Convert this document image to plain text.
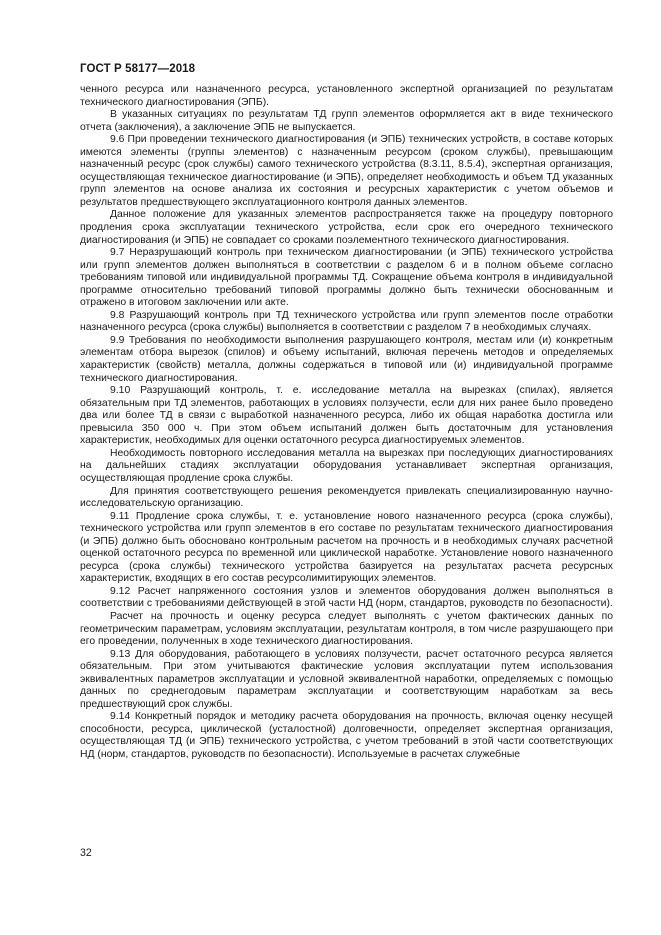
ГОСТ Р 58177—2018

ченного ресурса или назначенного ресурса, установленного экспертной организацией по результатам технического диагностирования (ЭПБ).

В указанных ситуациях по результатам ТД групп элементов оформляется акт в виде технического отчета (заключения), а заключение ЭПБ не выпускается.

9.6 При проведении технического диагностирования (и ЭПБ) технических устройств, в составе которых имеются элементы (группы элементов) с назначенным ресурсом (сроком службы), превышающим назначенный ресурс (срок службы) самого технического устройства (8.3.11, 8.5.4), экспертная организация, осуществляющая техническое диагностирование (и ЭПБ), определяет необходимость и объем ТД указанных групп элементов на основе анализа их состояния и ресурсных характеристик с учетом объемов и результатов предшествующего эксплуатационного контроля данных элементов.

Данное положение для указанных элементов распространяется также на процедуру повторного продления срока эксплуатации технического устройства, если срок его очередного технического диагностирования (и ЭПБ) не совпадает со сроками поэлементного технического диагностирования.

9.7 Неразрушающий контроль при техническом диагностировании (и ЭПБ) технического устройства или групп элементов должен выполняться в соответствии с разделом 6 и в полном объеме согласно требованиям типовой или индивидуальной программы ТД. Сокращение объема контроля в индивидуальной программе относительно требований типовой программы должно быть технически обоснованным и отражено в итоговом заключении или акте.

9.8 Разрушающий контроль при ТД технического устройства или групп элементов после отработки назначенного ресурса (срока службы) выполняется в соответствии с разделом 7 в необходимых случаях.

9.9 Требования по необходимости выполнения разрушающего контроля, местам или (и) конкретным элементам отбора вырезок (спилов) и объему испытаний, включая перечень методов и определяемых характеристик (свойств) металла, должны содержаться в типовой или (и) индивидуальной программе технического диагностирования.

9.10 Разрушающий контроль, т. е. исследование металла на вырезках (спилах), является обязательным при ТД элементов, работающих в условиях ползучести, если для них ранее было проведено два или более ТД в связи с выработкой назначенного ресурса, либо их общая наработка достигла или превысила 350 000 ч. При этом объем испытаний должен быть достаточным для установления характеристик, необходимых для оценки остаточного ресурса диагностируемых элементов.

Необходимость повторного исследования металла на вырезках при последующих диагностированиях на дальнейших стадиях эксплуатации оборудования устанавливает экспертная организация, осуществляющая продление срока службы.

Для принятия соответствующего решения рекомендуется привлекать специализированную научно-исследовательскую организацию.

9.11 Продление срока службы, т. е. установление нового назначенного ресурса (срока службы), технического устройства или групп элементов в его составе по результатам технического диагностирования (и ЭПБ) должно быть обосновано контрольным расчетом на прочность и в необходимых случаях расчетной оценкой остаточного ресурса по временной или циклической наработке. Установление нового назначенного ресурса (срока службы) технического устройства базируется на результатах расчета ресурсных характеристик, входящих в его состав ресурсолимитирующих элементов.

9.12 Расчет напряженного состояния узлов и элементов оборудования должен выполняться в соответствии с требованиями действующей в этой части НД (норм, стандартов, руководств по безопасности).

Расчет на прочность и оценку ресурса следует выполнять с учетом фактических данных по геометрическим параметрам, условиям эксплуатации, результатам контроля, в том числе разрушающего при его проведении, полученных в ходе технического диагностирования.

9.13 Для оборудования, работающего в условиях ползучести, расчет остаточного ресурса является обязательным. При этом учитываются фактические условия эксплуатации путем использования эквивалентных параметров эксплуатации и условной эквивалентной наработки, определяемых с помощью данных по среднегодовым параметрам эксплуатации и соответствующим наработкам за весь предшествующий срок службы.

9.14 Конкретный порядок и методику расчета оборудования на прочность, включая оценку несущей способности, ресурса, циклической (усталостной) долговечности, определяет экспертная организация, осуществляющая ТД (и ЭПБ) технического устройства, с учетом требований в этой части соответствующих НД (норм, стандартов, руководств по безопасности). Используемые в расчетах служебные

32
